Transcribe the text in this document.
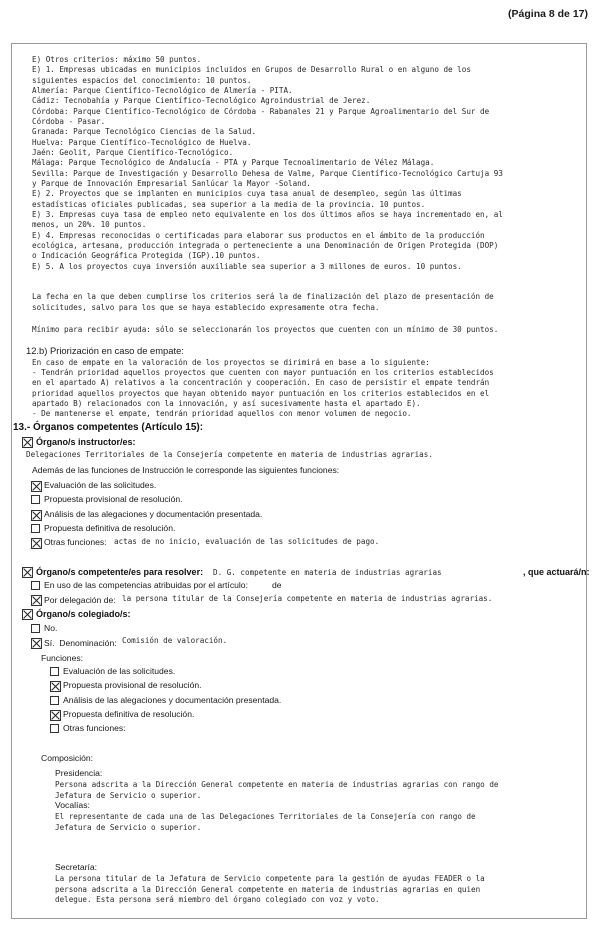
(Página 8 de 17)
E) Otros criterios: máximo 50 puntos.
E) 1. Empresas ubicadas en municipios incluidos en Grupos de Desarrollo Rural o en alguno de los
siguientes espacios del conocimiento: 10 puntos.
Almería: Parque Científico-Tecnológico de Almería - PITA.
Cádiz: Tecnobahía y Parque Científico-Tecnológico Agroindustrial de Jerez.
Córdoba: Parque Científico-Tecnológico de Córdoba - Rabanales 21 y Parque Agroalimentario del Sur de
Córdoba - Pasar.
Granada: Parque Tecnológico Ciencias de la Salud.
Huelva: Parque Científico-Tecnológico de Huelva.
Jaén: Geolit, Parque Científico-Tecnológico.
Málaga: Parque Tecnológico de Andalucía - PTA y Parque Tecnoalimentario de Vélez Málaga.
Sevilla: Parque de Investigación y Desarrollo Dehesa de Valme, Parque Científico-Tecnológico Cartuja 93
y Parque de Innovación Empresarial Sanlúcar la Mayor -Soland.
E) 2. Proyectos que se implanten en municipios cuya tasa anual de desempleo, según las últimas
estadísticas oficiales publicadas, sea superior a la media de la provincia. 10 puntos.
E) 3. Empresas cuya tasa de empleo neto equivalente en los dos últimos años se haya incrementado en, al
menos, un 20%. 10 puntos.
E) 4. Empresas reconocidas o certificadas para elaborar sus productos en el ámbito de la producción
ecológica, artesana, producción integrada o perteneciente a una Denominación de Origen Protegida (DOP)
o Indicación Geográfica Protegida (IGP).10 puntos.
E) 5. A los proyectos cuya inversión auxiliable sea superior a 3 millones de euros. 10 puntos.
La fecha en la que deben cumplirse los criterios será la de finalización del plazo de presentación de
solicitudes, salvo para los que se haya establecido expresamente otra fecha.
Mínimo para recibir ayuda: sólo se seleccionarán los proyectos que cuenten con un mínimo de 30 puntos.
12.b) Priorización en caso de empate:
En caso de empate en la valoración de los proyectos se dirimirá en base a lo siguiente:
- Tendrán prioridad aquellos proyectos que cuenten con mayor puntuación en los criterios establecidos
en el apartado A) relativos a la concentración y cooperación. En caso de persistir el empate tendrán
prioridad aquellos proyectos que hayan obtenido mayor puntuación en los criterios establecidos en el
apartado B) relacionados con la innovación, y así sucesivamente hasta el apartado E).
- De mantenerse el empate, tendrán prioridad aquellos con menor volumen de negocio.
13.- Órganos competentes (Artículo 15):
Órgano/s instructor/es:
Delegaciones Territoriales de la Consejería competente en materia de industrias agrarias.
Además de las funciones de Instrucción le corresponde las siguientes funciones:
Evaluación de las solicitudes.
Propuesta provisional de resolución.
Análisis de las alegaciones y documentación presentada.
Propuesta definitiva de resolución.
Otras funciones: actas de no inicio, evaluación de las solicitudes de pago.
Órgano/s competente/es para resolver: D. G. competente en materia de industrias agrarias	, que actuará/n:
En uso de las competencias atribuidas por el artículo:	de
Por delegación de: la persona titular de la Consejería competente en materia de industrias agrarias.
Órgano/s colegiado/s:
No.
Sí.  Denominación: Comisión de valoración.
Funciones:
Evaluación de las solicitudes.
Propuesta provisional de resolución.
Análisis de las alegaciones y documentación presentada.
Propuesta definitiva de resolución.
Otras funciones:
Composición:
Presidencia:
Persona adscrita a la Dirección General competente en materia de industrias agrarias con rango de
Jefatura de Servicio o superior.
Vocalías:
El representante de cada una de las Delegaciones Territoriales de la Consejería con rango de
Jefatura de Servicio o superior.
Secretaría:
La persona titular de la Jefatura de Servicio competente para la gestión de ayudas FEADER o la
persona adscrita a la Dirección General competente en materia de industrias agrarias en quien
delegue. Esta persona será miembro del órgano colegiado con voz y voto.
